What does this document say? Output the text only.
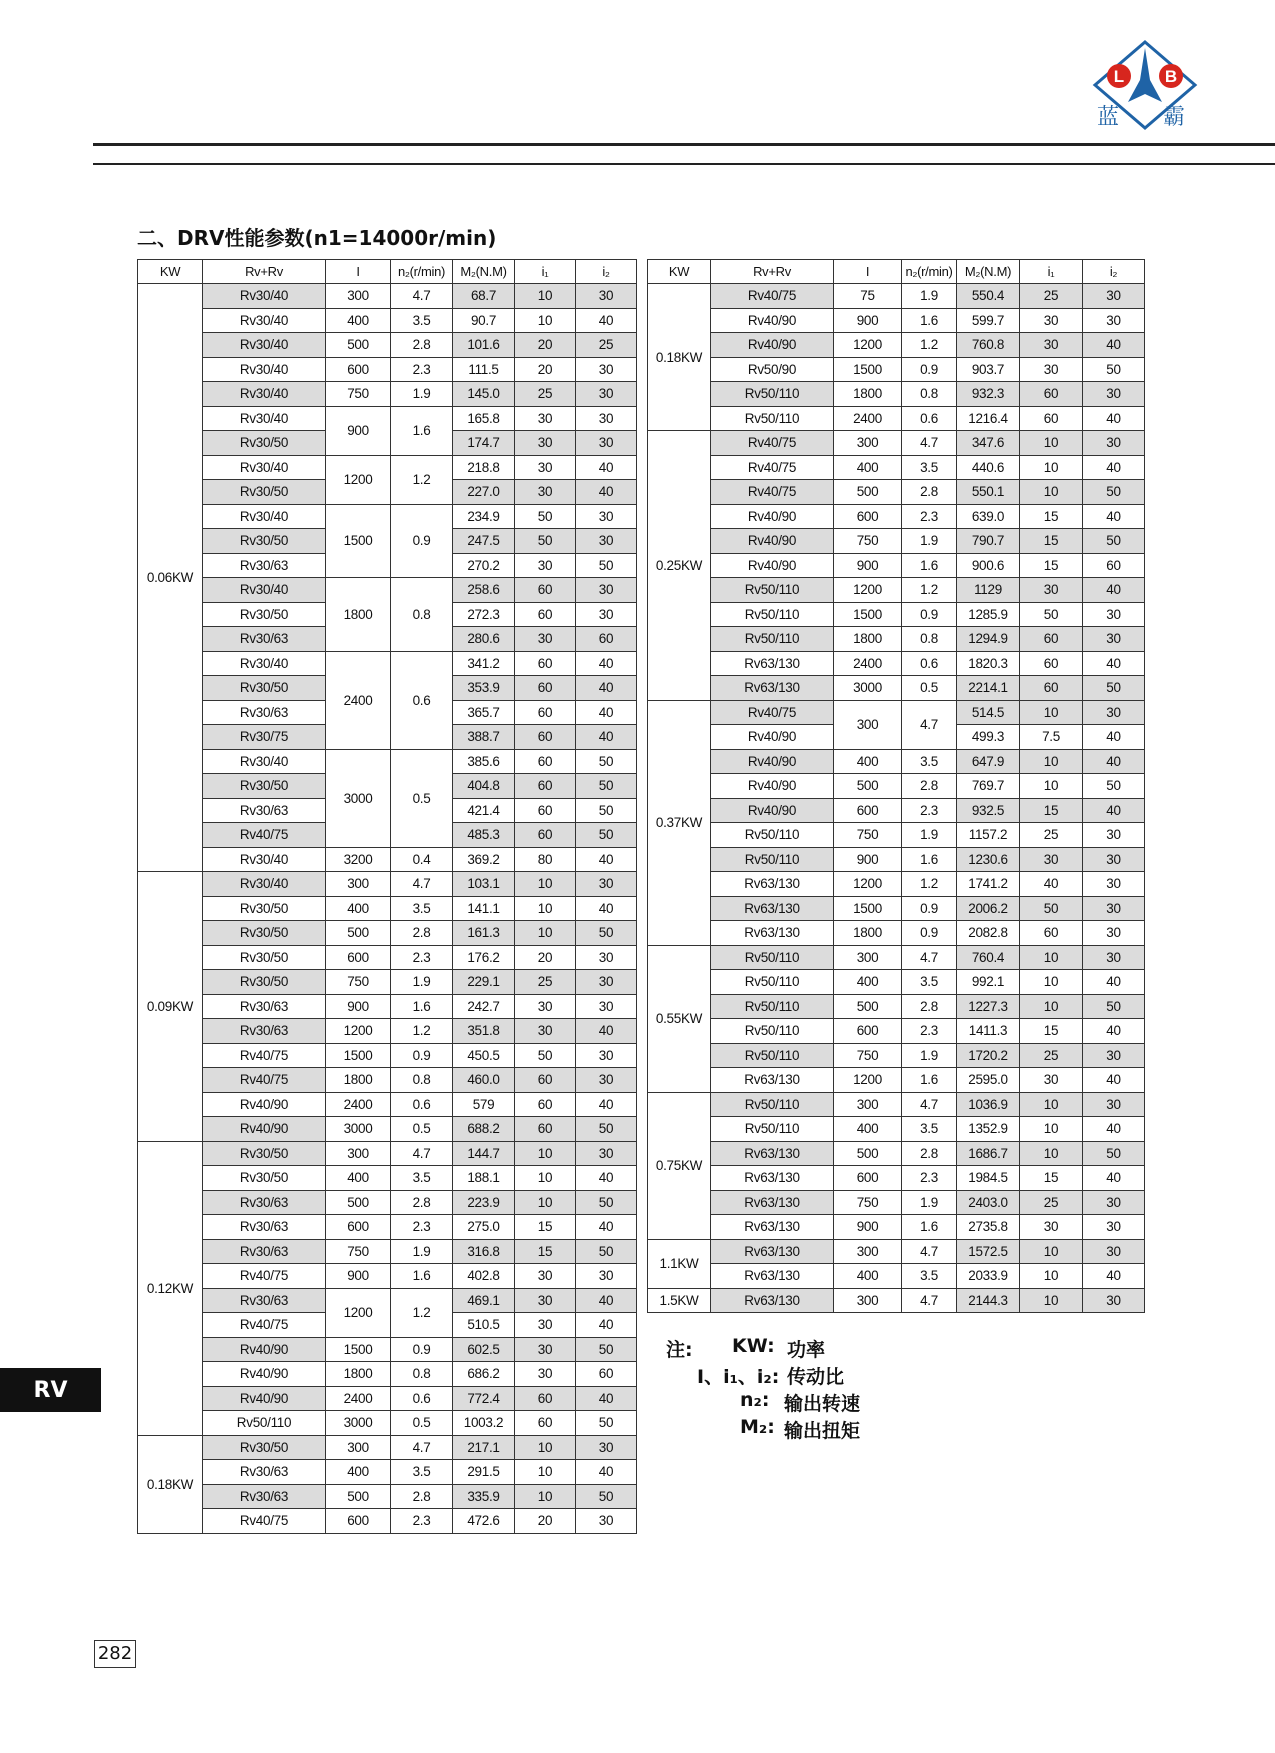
L B
蓝 霸
二、DRV性能参数(n1=14000r/min)
KW	Rv+Rv	I	n₂(r/min)	M₂(N.M)	i₁	i₂
0.06KW	Rv30/40	300	4.7	68.7	10	30
	Rv30/40	400	3.5	90.7	10	40
	Rv30/40	500	2.8	101.6	20	25
	Rv30/40	600	2.3	111.5	20	30
	Rv30/40	750	1.9	145.0	25	30
	Rv30/40	900	1.6	165.8	30	30
	Rv30/50			174.7	30	30
	Rv30/40	1200	1.2	218.8	30	40
	Rv30/50			227.0	30	40
	Rv30/40	1500	0.9	234.9	50	30
	Rv30/50			247.5	50	30
	Rv30/63			270.2	30	50
	Rv30/40	1800	0.8	258.6	60	30
	Rv30/50			272.3	60	30
	Rv30/63			280.6	30	60
	Rv30/40	2400	0.6	341.2	60	40
	Rv30/50			353.9	60	40
	Rv30/63			365.7	60	40
	Rv30/75			388.7	60	40
	Rv30/40	3000	0.5	385.6	60	50
	Rv30/50			404.8	60	50
	Rv30/63			421.4	60	50
	Rv40/75			485.3	60	50
	Rv30/40	3200	0.4	369.2	80	40
0.09KW	Rv30/40	300	4.7	103.1	10	30
	Rv30/50	400	3.5	141.1	10	40
	Rv30/50	500	2.8	161.3	10	50
	Rv30/50	600	2.3	176.2	20	30
	Rv30/50	750	1.9	229.1	25	30
	Rv30/63	900	1.6	242.7	30	30
	Rv30/63	1200	1.2	351.8	30	40
	Rv40/75	1500	0.9	450.5	50	30
	Rv40/75	1800	0.8	460.0	60	30
	Rv40/90	2400	0.6	579	60	40
	Rv40/90	3000	0.5	688.2	60	50
0.12KW	Rv30/50	300	4.7	144.7	10	30
	Rv30/50	400	3.5	188.1	10	40
	Rv30/63	500	2.8	223.9	10	50
	Rv30/63	600	2.3	275.0	15	40
	Rv30/63	750	1.9	316.8	15	50
	Rv40/75	900	1.6	402.8	30	30
	Rv30/63	1200	1.2	469.1	30	40
	Rv40/75			510.5	30	40
	Rv40/90	1500	0.9	602.5	30	50
	Rv40/90	1800	0.8	686.2	30	60
	Rv40/90	2400	0.6	772.4	60	40
	Rv50/110	3000	0.5	1003.2	60	50
0.18KW	Rv30/50	300	4.7	217.1	10	30
	Rv30/63	400	3.5	291.5	10	40
	Rv30/63	500	2.8	335.9	10	50
	Rv40/75	600	2.3	472.6	20	30
KW	Rv+Rv	I	n₂(r/min)	M₂(N.M)	i₁	i₂
0.18KW	Rv40/75	75	1.9	550.4	25	30
	Rv40/90	900	1.6	599.7	30	30
	Rv40/90	1200	1.2	760.8	30	40
	Rv50/90	1500	0.9	903.7	30	50
	Rv50/110	1800	0.8	932.3	60	30
	Rv50/110	2400	0.6	1216.4	60	40
0.25KW	Rv40/75	300	4.7	347.6	10	30
	Rv40/75	400	3.5	440.6	10	40
	Rv40/75	500	2.8	550.1	10	50
	Rv40/90	600	2.3	639.0	15	40
	Rv40/90	750	1.9	790.7	15	50
	Rv40/90	900	1.6	900.6	15	60
	Rv50/110	1200	1.2	1129	30	40
	Rv50/110	1500	0.9	1285.9	50	30
	Rv50/110	1800	0.8	1294.9	60	30
	Rv63/130	2400	0.6	1820.3	60	40
	Rv63/130	3000	0.5	2214.1	60	50
0.37KW	Rv40/75	300	4.7	514.5	10	30
	Rv40/90			499.3	7.5	40
	Rv40/90	400	3.5	647.9	10	40
	Rv40/90	500	2.8	769.7	10	50
	Rv40/90	600	2.3	932.5	15	40
	Rv50/110	750	1.9	1157.2	25	30
	Rv50/110	900	1.6	1230.6	30	30
	Rv63/130	1200	1.2	1741.2	40	30
	Rv63/130	1500	0.9	2006.2	50	30
	Rv63/130	1800	0.9	2082.8	60	30
0.55KW	Rv50/110	300	4.7	760.4	10	30
	Rv50/110	400	3.5	992.1	10	40
	Rv50/110	500	2.8	1227.3	10	50
	Rv50/110	600	2.3	1411.3	15	40
	Rv50/110	750	1.9	1720.2	25	30
	Rv63/130	1200	1.6	2595.0	30	40
0.75KW	Rv50/110	300	4.7	1036.9	10	30
	Rv50/110	400	3.5	1352.9	10	40
	Rv63/130	500	2.8	1686.7	10	50
	Rv63/130	600	2.3	1984.5	15	40
	Rv63/130	750	1.9	2403.0	25	30
	Rv63/130	900	1.6	2735.8	30	30
1.1KW	Rv63/130	300	4.7	1572.5	10	30
	Rv63/130	400	3.5	2033.9	10	40
1.5KW	Rv63/130	300	4.7	2144.3	10	30
注: KW: 功率
I、i₁、i₂: 传动比
n₂: 输出转速
M₂: 输出扭矩
RV
282
